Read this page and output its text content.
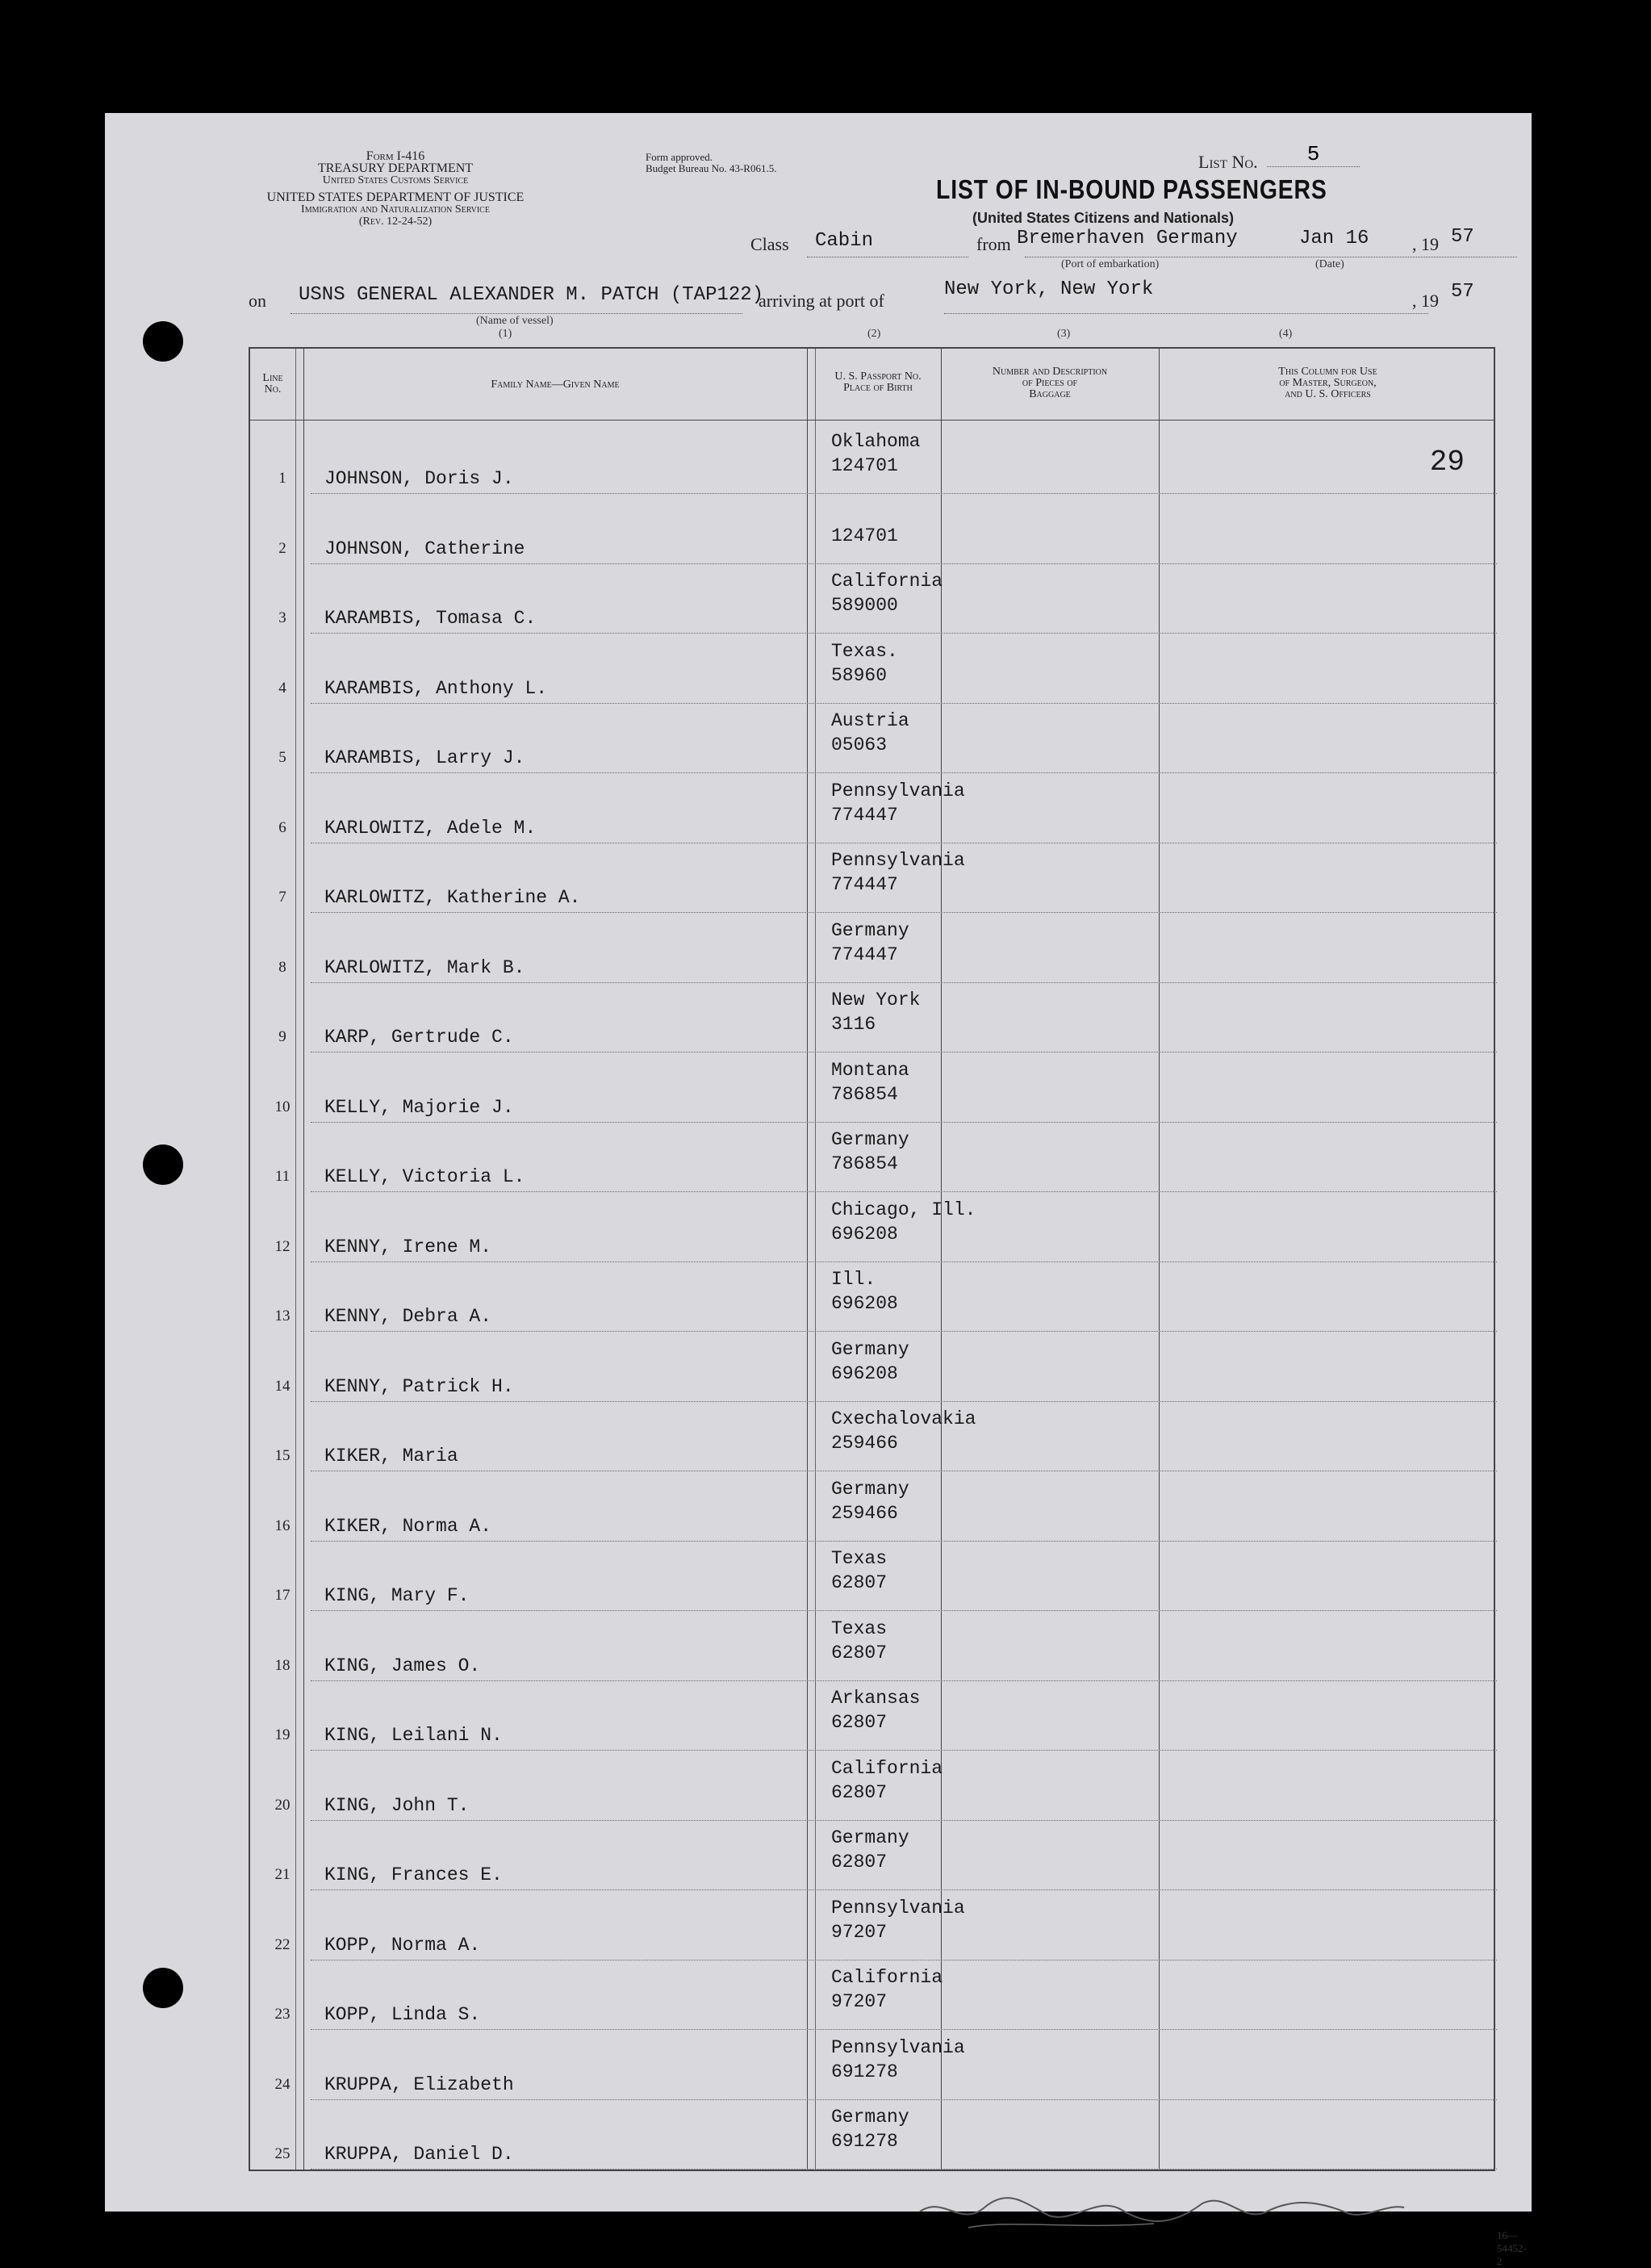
Form I-416
TREASURY DEPARTMENT
United States Customs Service
UNITED STATES DEPARTMENT OF JUSTICE
Immigration and Naturalization Service
(Rev. 12-24-52)
Form approved.
Budget Bureau No. 43-R061.5.	List No.	5
LIST OF IN-BOUND PASSENGERS
(United States Citizens and Nationals)
Class Cabin	from Bremerhaven Germany
(Port of embarkation)
Jan 16
(Date)
, 19 57
on USNS GENERAL ALEXANDER M. PATCH (TAP122)
(Name of vessel)
(1)
arriving at port of
New York, New York
, 19 57
(2)	(3)	(4)
Line
No.	Family Name—Given Name
U. S. Passport No.
Place of Birth
Number and Description
of Pieces of
Baggage
This Column for Use
of Master, Surgeon,
and U. S. Officers
1	JOHNSON, Doris J.
Oklahoma
124701	29
2	JOHNSON, Catherine
124701
3	KARAMBIS, Tomasa C.
California
589000
4	KARAMBIS, Anthony L.
Texas.
58960
5	KARAMBIS, Larry J.
Austria
05063
6	KARLOWITZ, Adele M.
Pennsylvania
774447
7	KARLOWITZ, Katherine A.
Pennsylvania
774447
8	KARLOWITZ, Mark B.
Germany
774447
9	KARP, Gertrude C.
New York
3116
10	KELLY, Majorie J.
Montana
786854
11	KELLY, Victoria L.
Germany
786854
12	KENNY, Irene M.
Chicago, Ill.
696208
13	KENNY, Debra A.
Ill.
696208
14	KENNY, Patrick H.
Germany
696208
15	KIKER, Maria
Cxechalovakia
259466
16	KIKER, Norma A.
Germany
259466
17	KING, Mary F.
Texas
62807
18	KING, James O.
Texas
62807
19	KING, Leilani N.
Arkansas
62807
20	KING, John T.
California
62807
21	KING, Frances E.
Germany
62807
22	KOPP, Norma A.
Pennsylvania
97207
23	KOPP, Linda S.
California
97207
24	KRUPPA, Elizabeth
Pennsylvania
691278
25	KRUPPA, Daniel D.
Germany
691278
16—54452-2
